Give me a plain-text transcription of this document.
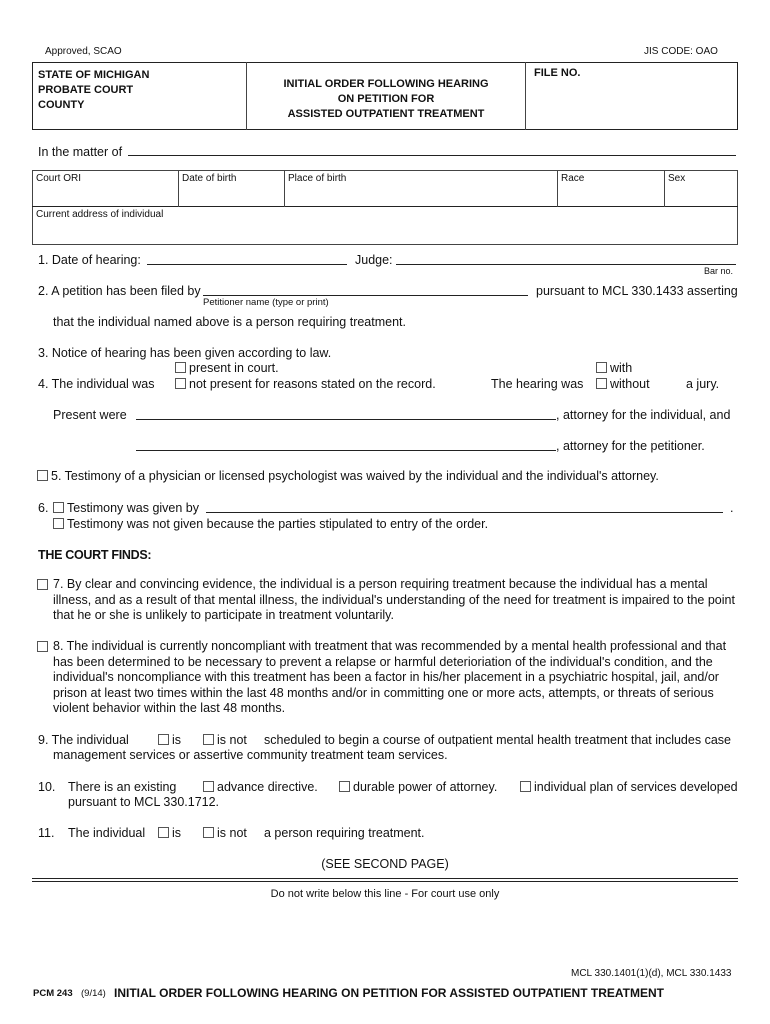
Approved, SCAO	JIS CODE: OAO
STATE OF MICHIGAN
PROBATE COURT
COUNTY
INITIAL ORDER FOLLOWING HEARING
ON PETITION FOR
ASSISTED OUTPATIENT TREATMENT
FILE NO.
In the matter of
Court ORI	Date of birth	Place of birth	Race	Sex
Current address of individual
1. Date of hearing:	Judge:
Bar no.
2. A petition has been filed by	pursuant to MCL 330.1433 asserting
Petitioner name (type or print)
that the individual named above is a person requiring treatment.
3. Notice of hearing has been given according to law.
present in court.
4. The individual was	not present for reasons stated on the record.	The hearing was
with
without	a jury.
Present were	, attorney for the individual, and
, attorney for the petitioner.
5. Testimony of a physician or licensed psychologist was waived by the individual and the individual's attorney.
6.	Testimony was given by	.
Testimony was not given because the parties stipulated to entry of the order.
THE COURT FINDS:
7. By clear and convincing evidence, the individual is a person requiring treatment because the individual has a mental illness, and as a result of that mental illness, the individual's understanding of the need for treatment is impaired to the point that he or she is unlikely to participate in treatment voluntarily.
8. The individual is currently noncompliant with treatment that was recommended by a mental health professional and that has been determined to be necessary to prevent a relapse or harmful deterioriation of the individual's condition, and the individual's noncompliance with this treatment has been a factor in his/her placement in a psychiatric hospital, jail, and/or prison at least two times within the last 48 months and/or in committing one or more acts, attempts, or threats of serious violent behavior within the last 48 months.
9. The individual	is	is not scheduled to begin a course of outpatient mental health treatment that includes case
management services or assertive community treatment team services.
10. There is an existing	advance directive.	durable power of attorney.	individual plan of services developed
pursuant to MCL 330.1712.
11. The individual	is	is not a person requiring treatment.
(SEE SECOND PAGE)
Do not write below this line - For court use only
MCL 330.1401(1)(d), MCL 330.1433
PCM 243 (9/14) INITIAL ORDER FOLLOWING HEARING ON PETITION FOR ASSISTED OUTPATIENT TREATMENT
